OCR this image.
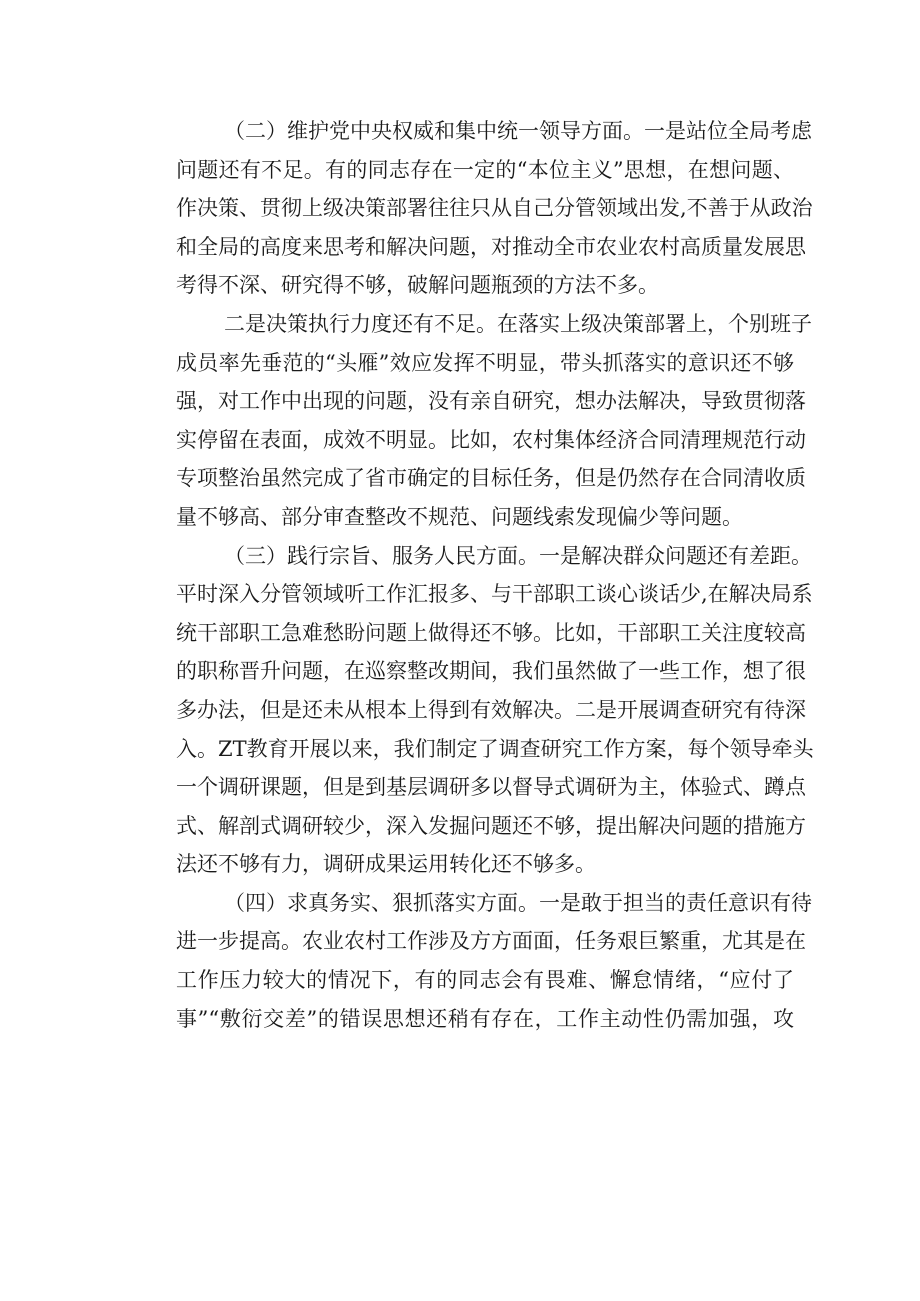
（二）维护党中央权威和集中统一领导方面。一是站位全局考虑
问题还有不足。有的同志存在一定的“本位主义”思想，在想问题、
作决策、贯彻上级决策部署往往只从自己分管领域出发,不善于从政治
和全局的高度来思考和解决问题，对推动全市农业农村高质量发展思
考得不深、研究得不够，破解问题瓶颈的方法不多。
二是决策执行力度还有不足。在落实上级决策部署上，个别班子
成员率先垂范的“头雁”效应发挥不明显，带头抓落实的意识还不够
强，对工作中出现的问题，没有亲自研究，想办法解决，导致贯彻落
实停留在表面，成效不明显。比如，农村集体经济合同清理规范行动
专项整治虽然完成了省市确定的目标任务，但是仍然存在合同清收质
量不够高、部分审查整改不规范、问题线索发现偏少等问题。
（三）践行宗旨、服务人民方面。一是解决群众问题还有差距。
平时深入分管领域听工作汇报多、与干部职工谈心谈话少,在解决局系
统干部职工急难愁盼问题上做得还不够。比如，干部职工关注度较高
的职称晋升问题，在巡察整改期间，我们虽然做了一些工作，想了很
多办法，但是还未从根本上得到有效解决。二是开展调查研究有待深
入。ZT教育开展以来，我们制定了调查研究工作方案，每个领导牵头
一个调研课题，但是到基层调研多以督导式调研为主，体验式、蹲点
式、解剖式调研较少，深入发掘问题还不够，提出解决问题的措施方
法还不够有力，调研成果运用转化还不够多。
（四）求真务实、狠抓落实方面。一是敢于担当的责任意识有待
进一步提高。农业农村工作涉及方方面面，任务艰巨繁重，尤其是在
工作压力较大的情况下，有的同志会有畏难、懈怠情绪，“应付了
事”“敷衍交差”的错误思想还稍有存在，工作主动性仍需加强，攻
